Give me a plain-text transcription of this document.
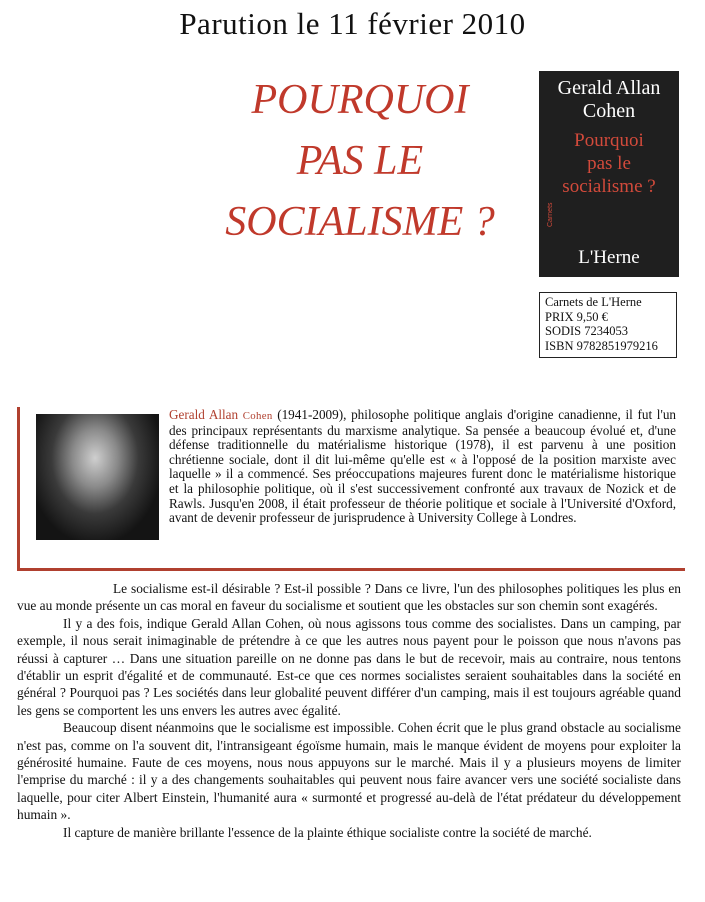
Parution le 11 février 2010
POURQUOI
PAS LE
SOCIALISME ?
Gerald Allan
Cohen
Pourquoi
pas le
socialisme ?
Carnets
L'Herne
Carnets de L'Herne
PRIX 9,50 €
SODIS 7234053
ISBN 9782851979216
Gerald Allan Cohen
(1941-2009), philosophe politique anglais d'origine canadienne, il fut l'un des principaux représentants du marxisme analytique. Sa pensée a beaucoup évolué et, d'une défense traditionnelle du matérialisme historique (1978), il est parvenu à une position chrétienne sociale, dont il dit lui-même qu'elle est « à l'opposé de la position marxiste avec laquelle » il a commencé. Ses préoccupations majeures furent donc le matérialisme historique et la philosophie politique, où il s'est successivement confronté aux travaux de Nozick et de Rawls. Jusqu'en 2008, il était professeur de théorie politique et sociale à l'Université d'Oxford, avant de devenir professeur de jurisprudence à University College à Londres.

Le socialisme est-il désirable ? Est-il possible ? Dans ce livre, l'un des philosophes politiques les plus en vue au monde présente un cas moral en faveur du socialisme et soutient que les obstacles sur son chemin sont exagérés.

Il y a des fois, indique Gerald Allan Cohen, où nous agissons tous comme des socialistes. Dans un camping, par exemple, il nous serait inimaginable de prétendre à ce que les autres nous payent pour le poisson que nous n'avons pas réussi à capturer … Dans une situation pareille on ne donne pas dans le but de recevoir, mais au contraire, nous tentons d'établir un esprit d'égalité et de communauté. Est-ce que ces normes socialistes seraient souhaitables dans la société en général ? Pourquoi pas ? Les sociétés dans leur globalité peuvent différer d'un camping, mais il est toujours agréable quand les gens se comportent les uns envers les autres avec égalité.

Beaucoup disent néanmoins que le socialisme est impossible. Cohen écrit que le plus grand obstacle au socialisme n'est pas, comme on l'a souvent dit, l'intransigeant égoïsme humain, mais le manque évident de moyens pour exploiter la générosité humaine. Faute de ces moyens, nous nous appuyons sur le marché. Mais il y a plusieurs moyens de limiter l'emprise du marché : il y a des changements souhaitables qui peuvent nous faire avancer vers une société socialiste dans laquelle, pour citer Albert Einstein, l'humanité aura « surmonté et progressé au-delà de l'état prédateur du développement humain ».

Il capture de manière brillante l'essence de la plainte éthique socialiste contre la société de marché.
